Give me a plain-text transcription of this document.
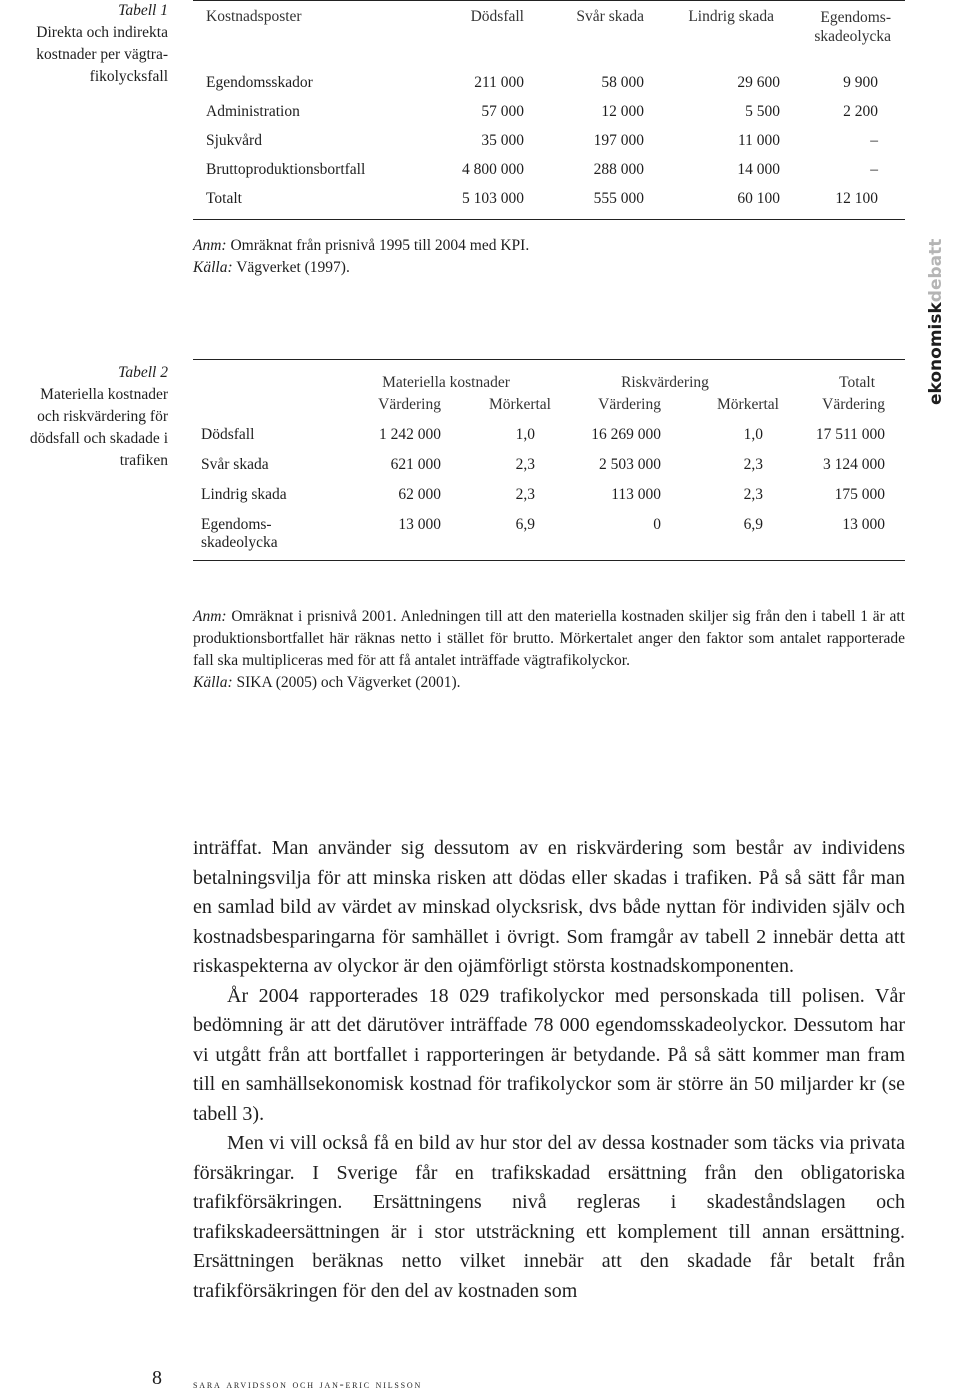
Tabell 1
Direkta och indirekta
kostnader per vägtra-
fikolycksfall
Kostnadsposter	Dödsfall	Svår skada	Lindrig skada	Egendoms-
skadeolycka
Egendomsskador	211 000	58 000	29 600	9 900
Administration	57 000	12 000	5 500	2 200
Sjukvård	35 000	197 000	11 000	–
Bruttoproduktionsbortfall	4 800 000	288 000	14 000	–
Totalt	5 103 000	555 000	60 100	12 100
Anm: Omräknat från prisnivå 1995 till 2004 med KPI.
Källa: Vägverket (1997).
ekonomiskdebatt
Tabell 2
Materiella kostnader
och riskvärdering för
dödsfall och skadade i
trafiken
	Materiella kostnader		Riskvärdering		Totalt
	Värdering	Mörkertal	Värdering	Mörkertal	Värdering
Dödsfall	1 242 000	1,0	16 269 000	1,0	17 511 000
Svår skada	621 000	2,3	2 503 000	2,3	3 124 000
Lindrig skada	62 000	2,3	113 000	2,3	175 000
Egendoms-
skadeolycka	13 000	6,9	0	6,9	13 000
Anm: Omräknat i prisnivå 2001. Anledningen till att den materiella kostnaden skiljer sig från den i tabell 1 är att produktionsbortfallet här räknas netto i stället för brutto. Mörkertalet anger den faktor som antalet rapporterade fall ska multipliceras med för att få antalet inträffade vägtrafikolyckor.
Källa: SIKA (2005) och Vägverket (2001).

inträffat. Man använder sig dessutom av en riskvärdering som består av individens betalningsvilja för att minska risken att dödas eller skadas i trafiken. På så sätt får man en samlad bild av värdet av minskad olycksrisk, dvs både nyttan för individen själv och kostnadsbesparingarna för samhället i övrigt. Som framgår av tabell 2 innebär detta att riskaspekterna av olyckor är den ojämförligt största kostnadskomponenten.

År 2004 rapporterades 18 029 trafikolyckor med personskada till polisen. Vår bedömning är att det därutöver inträffade 78 000 egendomsskadeolyckor. Dessutom har vi utgått från att bortfallet i rapporteringen är betydande. På så sätt kommer man fram till en samhällsekonomisk kostnad för trafikolyckor som är större än 50 miljarder kr (se tabell 3).

Men vi vill också få en bild av hur stor del av dessa kostnader som täcks via privata försäkringar. I Sverige får en trafikskadad ersättning från den obligatoriska trafikförsäkringen. Ersättningens nivå regleras i skadeståndslagen och trafikskadeersättningen är i stor utsträckning ett komplement till annan ersättning. Ersättningen beräknas netto vilket innebär att den skadade får betalt från trafikförsäkringen för den del av kostnaden som

8	sara arvidsson och jan-eric nilsson
